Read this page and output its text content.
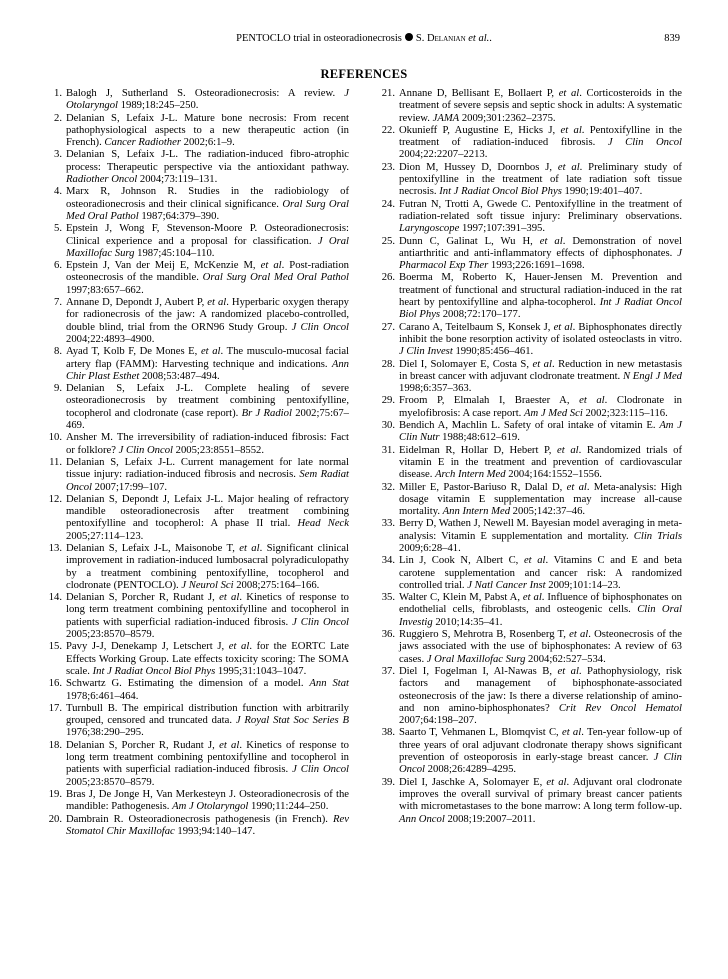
PENTOCLO trial in osteoradionecrosis S. Delanian et al..	839
REFERENCES
1. Balogh J, Sutherland S. Osteoradionecrosis: A review. J Otolaryngol 1989;18:245–250.
2. Delanian S, Lefaix J-L. Mature bone necrosis: From recent pathophysiological aspects to a new therapeutic action (in French). Cancer Radiother 2002;6:1–9.
3. Delanian S, Lefaix J-L. The radiation-induced fibro-atrophic process: Therapeutic perspective via the antioxidant pathway. Radiother Oncol 2004;73:119–131.
4. Marx R, Johnson R. Studies in the radiobiology of osteoradionecrosis and their clinical significance. Oral Surg Oral Med Oral Pathol 1987;64:379–390.
5. Epstein J, Wong F, Stevenson-Moore P. Osteoradionecrosis: Clinical experience and a proposal for classification. J Oral Maxillofac Surg 1987;45:104–110.
6. Epstein J, Van der Meij E, McKenzie M, et al. Post-radiation osteonecrosis of the mandible. Oral Surg Oral Med Oral Pathol 1997;83:657–662.
7. Annane D, Depondt J, Aubert P, et al. Hyperbaric oxygen therapy for radionecrosis of the jaw: A randomized placebo-controlled, double blind, trial from the ORN96 Study Group. J Clin Oncol 2004;22:4893–4900.
8. Ayad T, Kolb F, De Mones E, et al. The musculo-mucosal facial artery flap (FAMM): Harvesting technique and indications. Ann Chir Plast Esthet 2008;53:487–494.
9. Delanian S, Lefaix J-L. Complete healing of severe osteoradionecrosis by treatment combining pentoxifylline, tocopherol and clodronate (case report). Br J Radiol 2002;75:67–469.
10. Ansher M. The irreversibility of radiation-induced fibrosis: Fact or folklore? J Clin Oncol 2005;23:8551–8552.
11. Delanian S, Lefaix J-L. Current management for late normal tissue injury: radiation-induced fibrosis and necrosis. Sem Radiat Oncol 2007;17:99–107.
12. Delanian S, Depondt J, Lefaix J-L. Major healing of refractory mandible osteoradionecrosis after treatment combining pentoxifylline and tocopherol: A phase II trial. Head Neck 2005;27:114–123.
13. Delanian S, Lefaix J-L, Maisonobe T, et al. Significant clinical improvement in radiation-induced lumbosacral polyradiculopathy by a treatment combining pentoxifylline, tocopherol and clodronate (PENTOCLO). J Neurol Sci 2008;275:164–166.
14. Delanian S, Porcher R, Rudant J, et al. Kinetics of response to long term treatment combining pentoxifylline and tocopherol in patients with superficial radiation-induced fibrosis. J Clin Oncol 2005;23:8570–8579.
15. Pavy J-J, Denekamp J, Letschert J, et al. for the EORTC Late Effects Working Group. Late effects toxicity scoring: The SOMA scale. Int J Radiat Oncol Biol Phys 1995;31:1043–1047.
16. Schwartz G. Estimating the dimension of a model. Ann Stat 1978;6:461–464.
17. Turnbull B. The empirical distribution function with arbitrarily grouped, censored and truncated data. J Royal Stat Soc Series B 1976;38:290–295.
18. Delanian S, Porcher R, Rudant J, et al. Kinetics of response to long term treatment combining pentoxifylline and tocopherol in patients with superficial radiation-induced fibrosis. J Clin Oncol 2005;23:8570–8579.
19. Bras J, De Jonge H, Van Merkesteyn J. Osteoradionecrosis of the mandible: Pathogenesis. Am J Otolaryngol 1990;11:244–250.
20. Dambrain R. Osteoradionecrosis pathogenesis (in French). Rev Stomatol Chir Maxillofac 1993;94:140–147.
21. Annane D, Bellisant E, Bollaert P, et al. Corticosteroids in the treatment of severe sepsis and septic shock in adults: A systematic review. JAMA 2009;301:2362–2375.
22. Okunieff P, Augustine E, Hicks J, et al. Pentoxifylline in the treatment of radiation-induced fibrosis. J Clin Oncol 2004;22:2207–2213.
23. Dion M, Hussey D, Doornbos J, et al. Preliminary study of pentoxifylline in the treatment of late radiation soft tissue necrosis. Int J Radiat Oncol Biol Phys 1990;19:401–407.
24. Futran N, Trotti A, Gwede C. Pentoxifylline in the treatment of radiation-related soft tissue injury: Preliminary observations. Laryngoscope 1997;107:391–395.
25. Dunn C, Galinat L, Wu H, et al. Demonstration of novel antiarthritic and anti-inflammatory effects of diphosphonates. J Pharmacol Exp Ther 1993;226:1691–1698.
26. Boerma M, Roberto K, Hauer-Jensen M. Prevention and treatment of functional and structural radiation-induced in the rat heart by pentoxifylline and alpha-tocopherol. Int J Radiat Oncol Biol Phys 2008;72:170–177.
27. Carano A, Teitelbaum S, Konsek J, et al. Biphosphonates directly inhibit the bone resorption activity of isolated osteoclasts in vitro. J Clin Invest 1990;85:456–461.
28. Diel I, Solomayer E, Costa S, et al. Reduction in new metastasis in breast cancer with adjuvant clodronate treatment. N Engl J Med 1998;6:357–363.
29. Froom P, Elmalah I, Braester A, et al. Clodronate in myelofibrosis: A case report. Am J Med Sci 2002;323:115–116.
30. Bendich A, Machlin L. Safety of oral intake of vitamin E. Am J Clin Nutr 1988;48:612–619.
31. Eidelman R, Hollar D, Hebert P, et al. Randomized trials of vitamin E in the treatment and prevention of cardiovascular disease. Arch Intern Med 2004;164:1552–1556.
32. Miller E, Pastor-Bariuso R, Dalal D, et al. Meta-analysis: High dosage vitamin E supplementation may increase all-cause mortality. Ann Intern Med 2005;142:37–46.
33. Berry D, Wathen J, Newell M. Bayesian model averaging in meta-analysis: Vitamin E supplementation and mortality. Clin Trials 2009;6:28–41.
34. Lin J, Cook N, Albert C, et al. Vitamins C and E and beta carotene supplementation and cancer risk: A randomized controlled trial. J Natl Cancer Inst 2009;101:14–23.
35. Walter C, Klein M, Pabst A, et al. Influence of biphosphonates on endothelial cells, fibroblasts, and osteogenic cells. Clin Oral Investig 2010;14:35–41.
36. Ruggiero S, Mehrotra B, Rosenberg T, et al. Osteonecrosis of the jaws associated with the use of biphosphonates: A review of 63 cases. J Oral Maxillofac Surg 2004;62:527–534.
37. Diel I, Fogelman I, Al-Nawas B, et al. Pathophysiology, risk factors and management of biphosphonate-associated osteonecrosis of the jaw: Is there a diverse relationship of amino- and non amino-biphosphonates? Crit Rev Oncol Hematol 2007;64:198–207.
38. Saarto T, Vehmanen L, Blomqvist C, et al. Ten-year follow-up of three years of oral adjuvant clodronate therapy shows significant prevention of osteoporosis in early-stage breast cancer. J Clin Oncol 2008;26:4289–4295.
39. Diel I, Jaschke A, Solomayer E, et al. Adjuvant oral clodronate improves the overall survival of primary breast cancer patients with micrometastases to the bone marrow: A long term follow-up. Ann Oncol 2008;19:2007–2011.
